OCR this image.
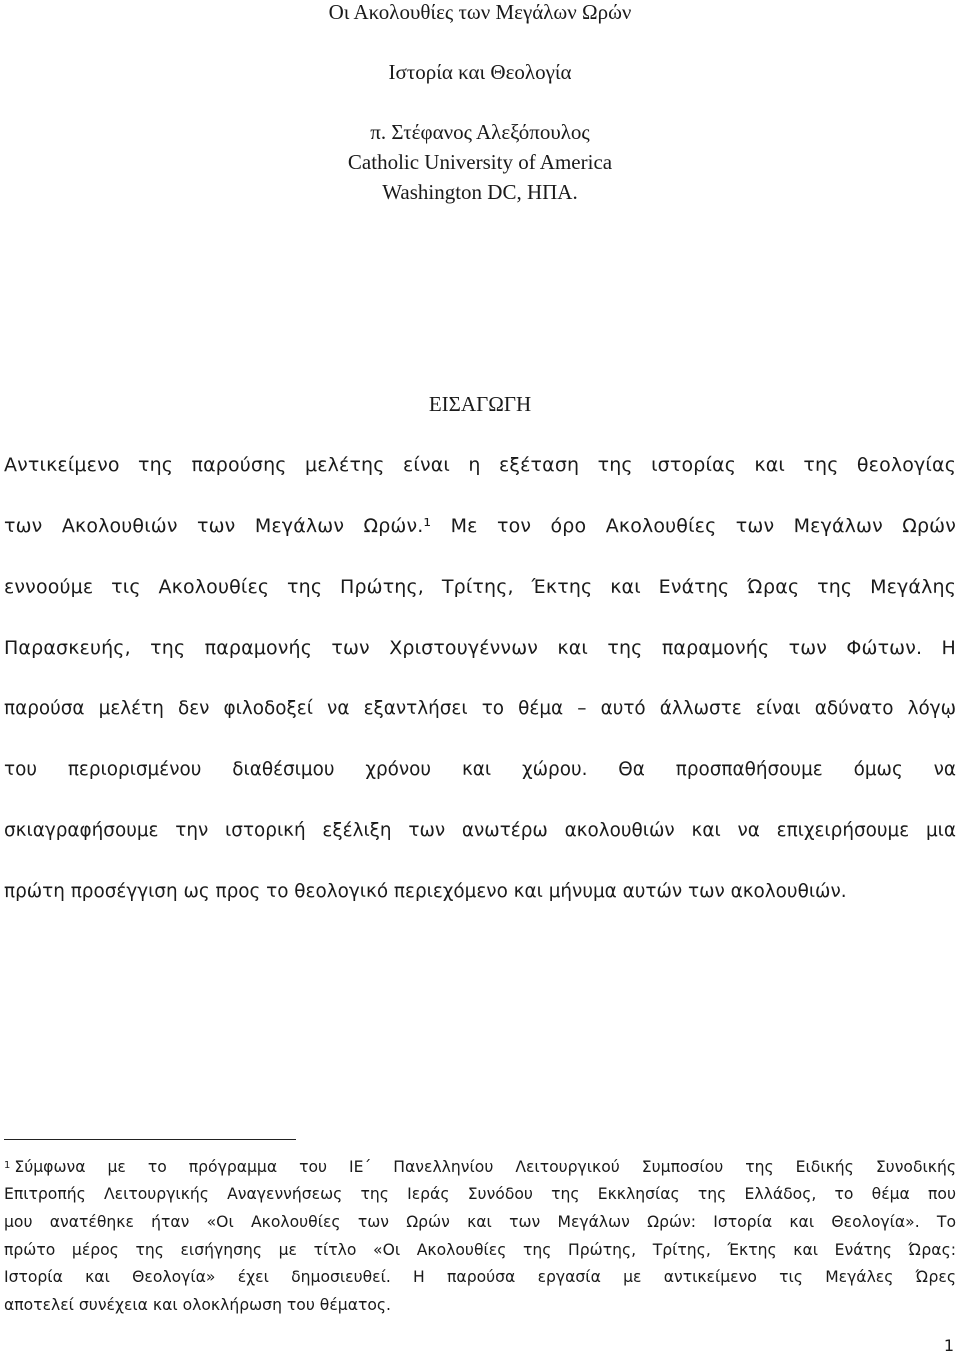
Οι Ακολουθίες των Μεγάλων Ωρών
Ιστορία και Θεολογία
π. Στέφανος Αλεξόπουλος
Catholic University of America
Washington DC, ΗΠΑ.
ΕΙΣΑΓΩΓΗ
Αντικείμενο της παρούσης μελέτης είναι η εξέταση της ιστορίας και της θεολογίας
των Ακολουθιών των Μεγάλων Ωρών.¹ Με τον όρο Ακολουθίες των Μεγάλων Ωρών
εννοούμε τις Ακολουθίες της Πρώτης, Τρίτης, Έκτης και Ενάτης Ώρας της Μεγάλης
Παρασκευής, της παραμονής των Χριστουγέννων και της παραμονής των Φώτων. Η
παρούσα μελέτη δεν φιλοδοξεί να εξαντλήσει το θέμα – αυτό άλλωστε είναι αδύνατο λόγῳ
του περιορισμένου διαθέσιμου χρόνου και χώρου. Θα προσπαθήσουμε όμως να
σκιαγραφήσουμε την ιστορική εξέλιξη των ανωτέρω ακολουθιών και να επιχειρήσουμε μια
πρώτη προσέγγιση ως προς το θεολογικό περιεχόμενο και μήνυμα αυτών των ακολουθιών.
$^1$ Σύμφωνα με το πρόγραμμα του ΙΕ΄ Πανελληνίου Λειτουργικού Συμποσίου της Ειδικής Συνοδικής
Επιτροπής Λειτουργικής Αναγεννήσεως της Ιεράς Συνόδου της Εκκλησίας της Ελλάδος, το θέμα που
μου ανατέθηκε ήταν «Οι Ακολουθίες των Ωρών και των Μεγάλων Ωρών: Ιστορία και Θεολογία». Το
πρώτο μέρος της εισήγησης με τίτλο «Οι Ακολουθίες της Πρώτης, Τρίτης, Έκτης και Ενάτης Ώρας:
Ιστορία και Θεολογία» έχει δημοσιευθεί. Η παρούσα εργασία με αντικείμενο τις Μεγάλες Ώρες
αποτελεί συνέχεια και ολοκλήρωση του θέματος.
1
